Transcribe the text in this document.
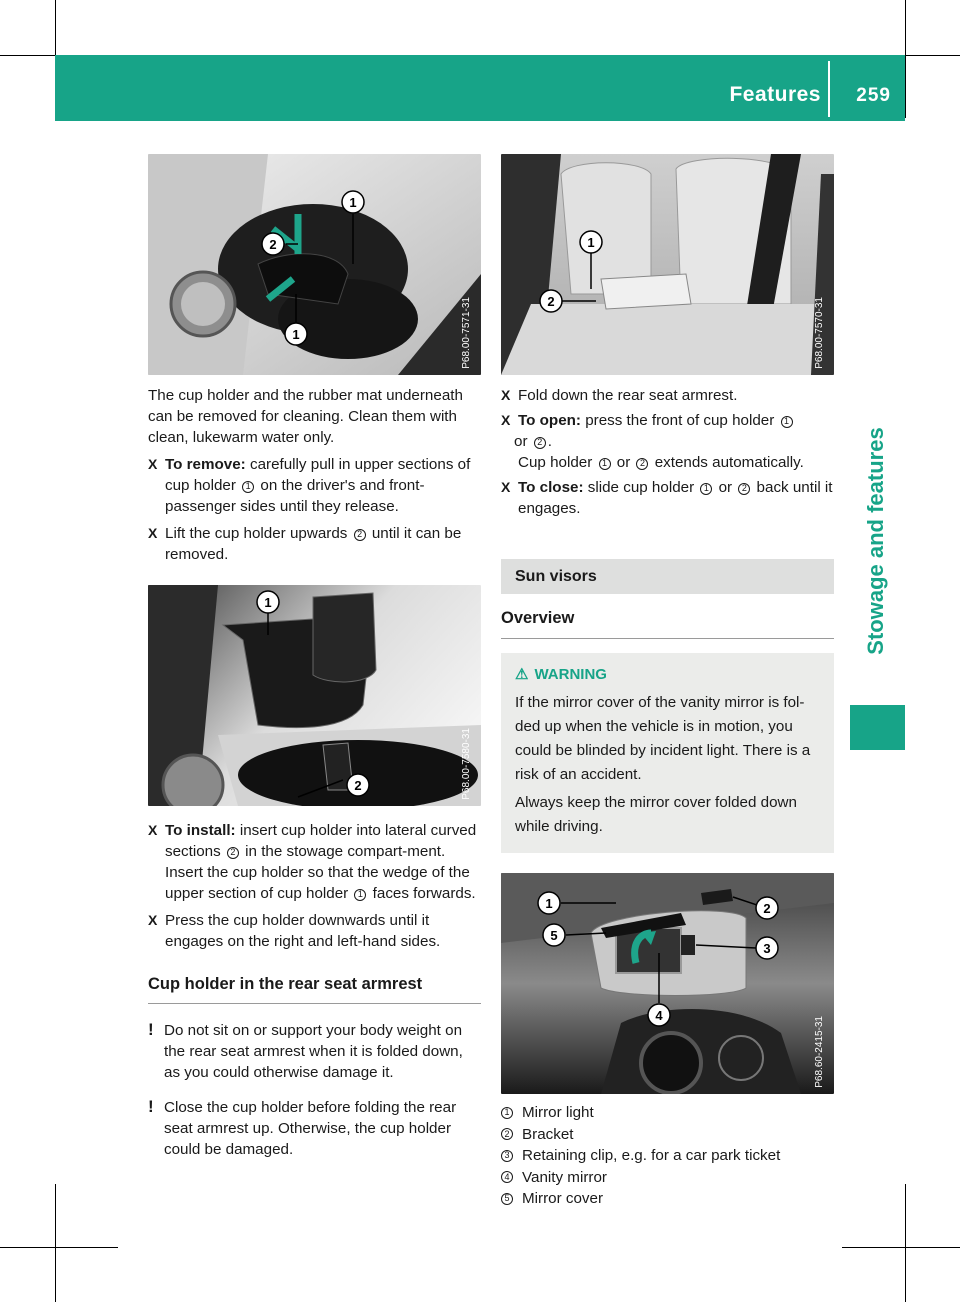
Features 259
Stowage and features
1
2
1	P68.00-7571-31

The cup holder and the rubber mat underneath can be removed for cleaning. Clean them with clean, lukewarm water only.

X To remove: carefully pull in upper sections of cup holder 1 on the driver's and front-passenger sides until they release.
X Lift the cup holder upwards 2 until it can be removed.
1
2	P68.00-7580-31
X To install: insert cup holder into lateral curved sections 2 in the stowage compart-ment. Insert the cup holder so that the wedge of the upper section of cup holder 1 faces forwards.
X Press the cup holder downwards until it engages on the right and left-hand sides.
Cup holder in the rear seat armrest
! Do not sit on or support your body weight on the rear seat armrest when it is folded down, as you could otherwise damage it.
! Close the cup holder before folding the rear seat armrest up. Otherwise, the cup holder could be damaged.
1
2	P68.00-7570-31
X Fold down the rear seat armrest.
X To open: press the front of cup holder 1
or 2 .
Cup holder 1 or 2 extends automatically.
X To close: slide cup holder 1 or 2 back until it engages.
Sun visors
Overview
⚠ WARNING

If the mirror cover of the vanity mirror is fol-ded up when the vehicle is in motion, you could be blinded by incident light. There is a risk of an accident.

Always keep the mirror cover folded down while driving.

1	2
3
4
5
P68.60-2415-31
1 Mirror light
2 Bracket
3 Retaining clip, e.g. for a car park ticket
4 Vanity mirror
5 Mirror cover
